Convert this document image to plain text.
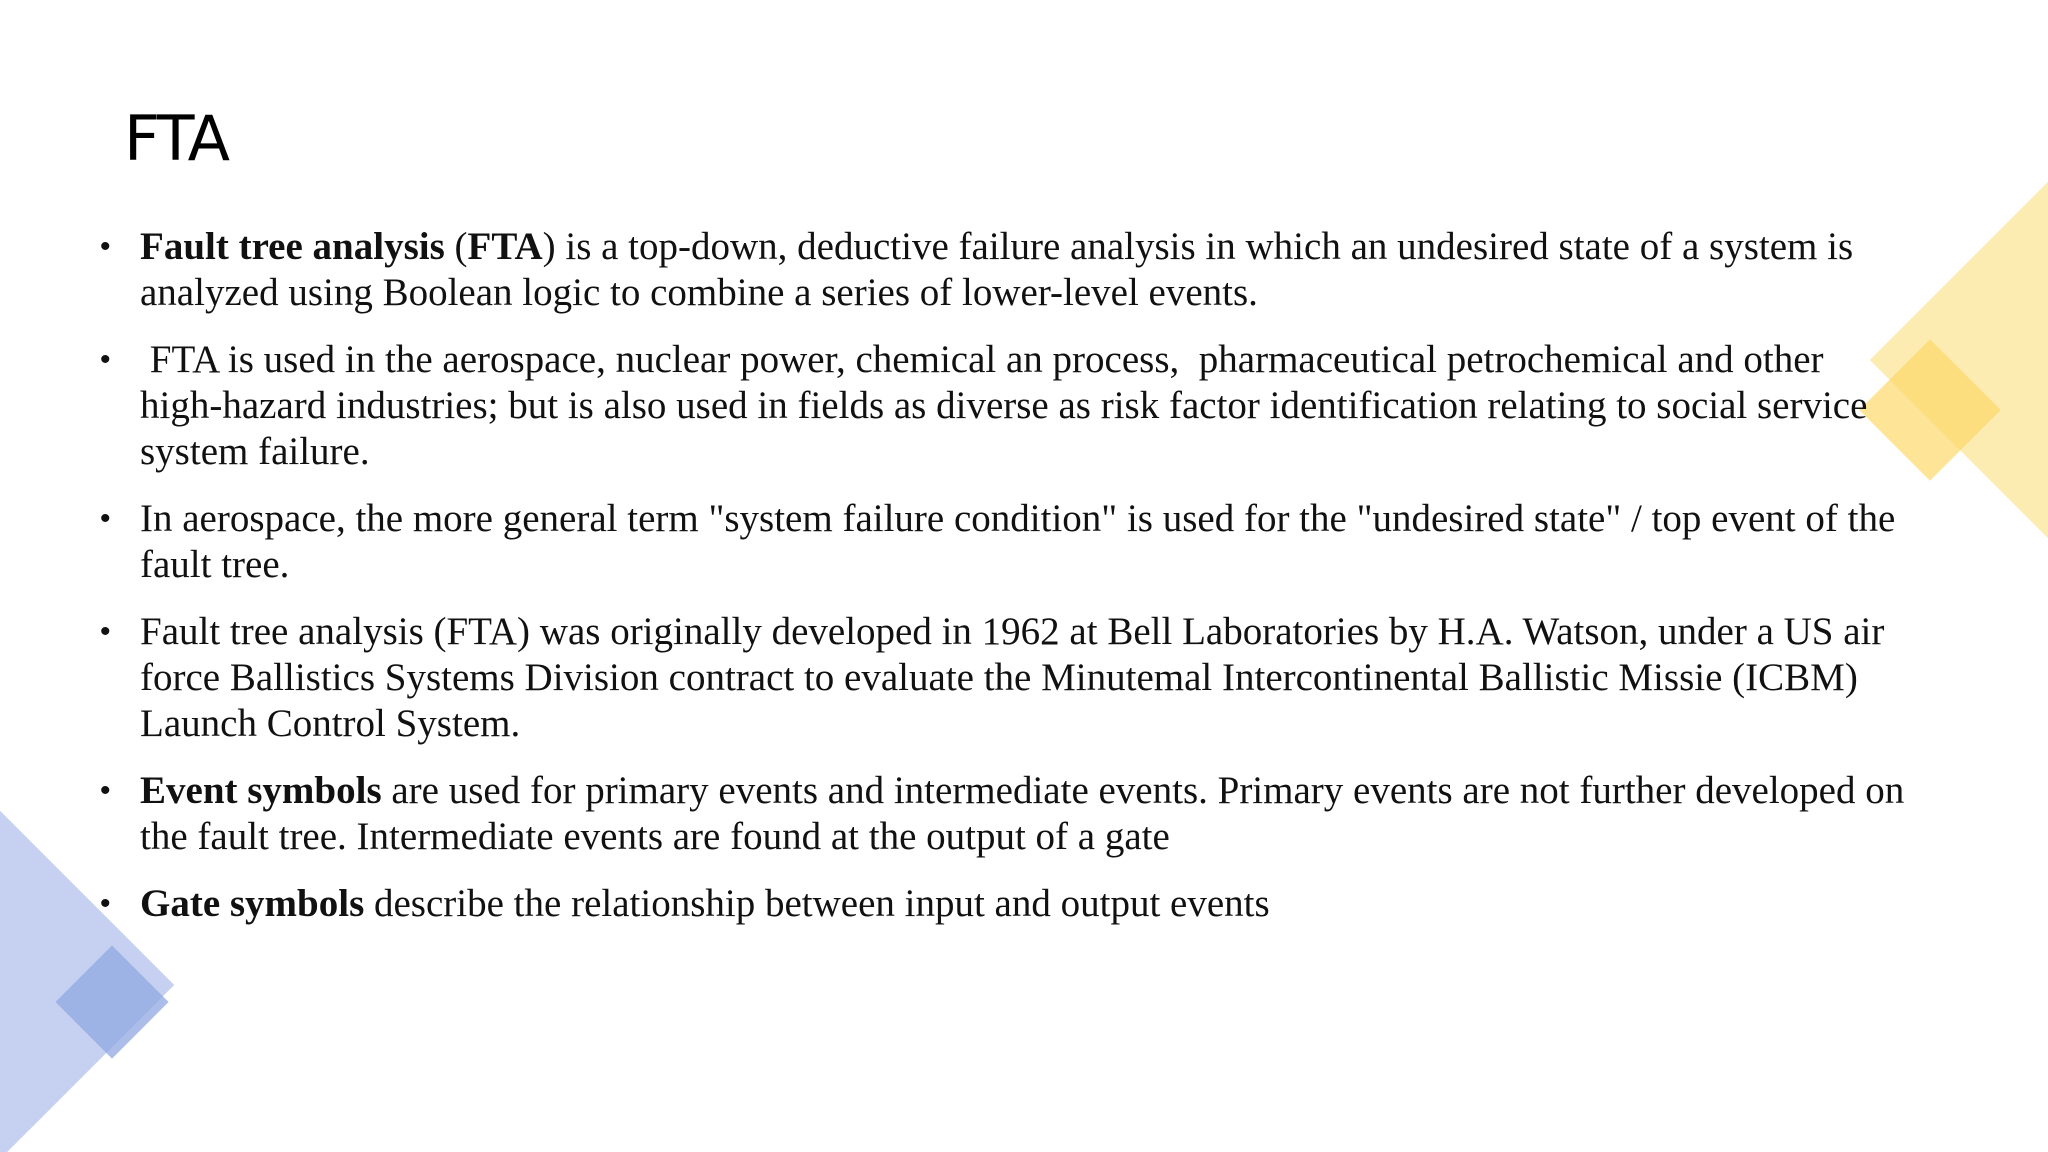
FTA
• Fault tree analysis (FTA) is a top-down, deductive failure analysis in which an undesired state of a system is analyzed using Boolean logic to combine a series of lower-level events.
• FTA is used in the aerospace, nuclear power, chemical an process,  pharmaceutical petrochemical and other high-hazard industries; but is also used in fields as diverse as risk factor identification relating to social service system failure.
• In aerospace, the more general term "system failure condition" is used for the "undesired state" / top event of the fault tree.
• Fault tree analysis (FTA) was originally developed in 1962 at Bell Laboratories by H.A. Watson, under a US air force Ballistics Systems Division contract to evaluate the Minutemal Intercontinental Ballistic Missie (ICBM) Launch Control System.
• Event symbols are used for primary events and intermediate events. Primary events are not further developed on the fault tree. Intermediate events are found at the output of a gate
• Gate symbols describe the relationship between input and output events
